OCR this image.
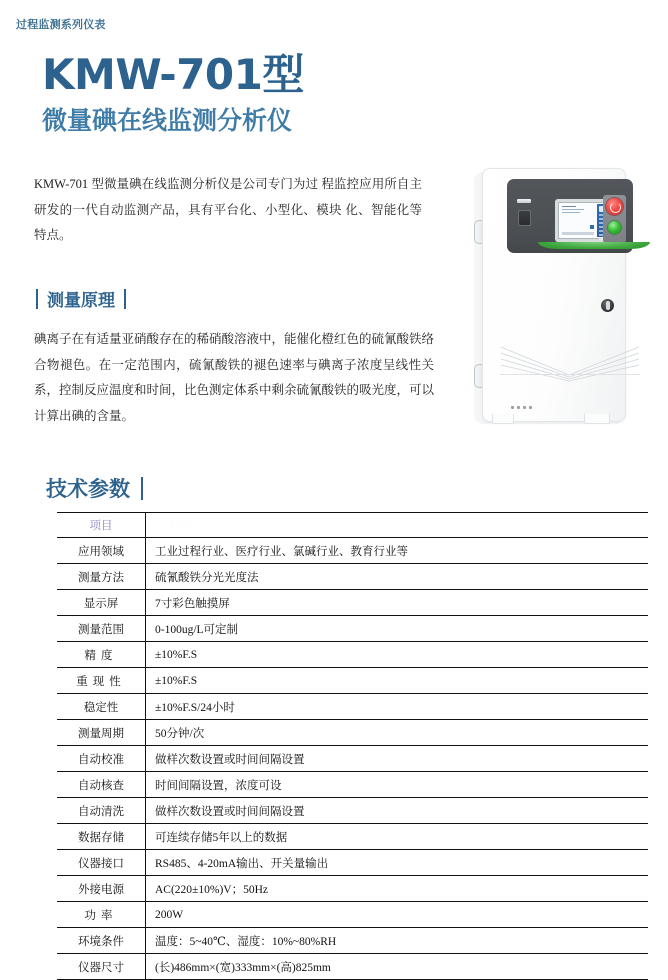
过程监测系列仪表
KMW-701型
微量碘在线监测分析仪
KMW-701 型微量碘在线监测分析仪是公司专门为过 程监控应用所自主研发的一代自动监测产品，具有平台化、小型化、模块 化、智能化等特点。
测量原理
碘离子在有适量亚硝酸存在的稀硝酸溶液中，能催化橙红色的硫氰酸铁络合物褪色。在一定范围内，硫氰酸铁的褪色速率与碘离子浓度呈线性关系，控制反应温度和时间，比色测定体系中剩余硫氰酸铁的吸光度，可以计算出碘的含量。
技术参数
项目	参数
应用领域	工业过程行业、医疗行业、氯碱行业、教育行业等
测量方法	硫氰酸铁分光光度法
显示屏	7寸彩色触摸屏
测量范围	0-100ug/L可定制
精度	±10%F.S
重现性	±10%F.S
稳定性	±10%F.S/24小时
测量周期	50分钟/次
自动校准	做样次数设置或时间间隔设置
自动核查	时间间隔设置，浓度可设
自动清洗	做样次数设置或时间间隔设置
数据存储	可连续存储5年以上的数据
仪器接口	RS485、4-20mA输出、开关量输出
外接电源	AC(220±10%)V；50Hz
功率	200W
环境条件	温度：5~40℃、湿度：10%~80%RH
仪器尺寸	(长)486mm×(宽)333mm×(高)825mm
